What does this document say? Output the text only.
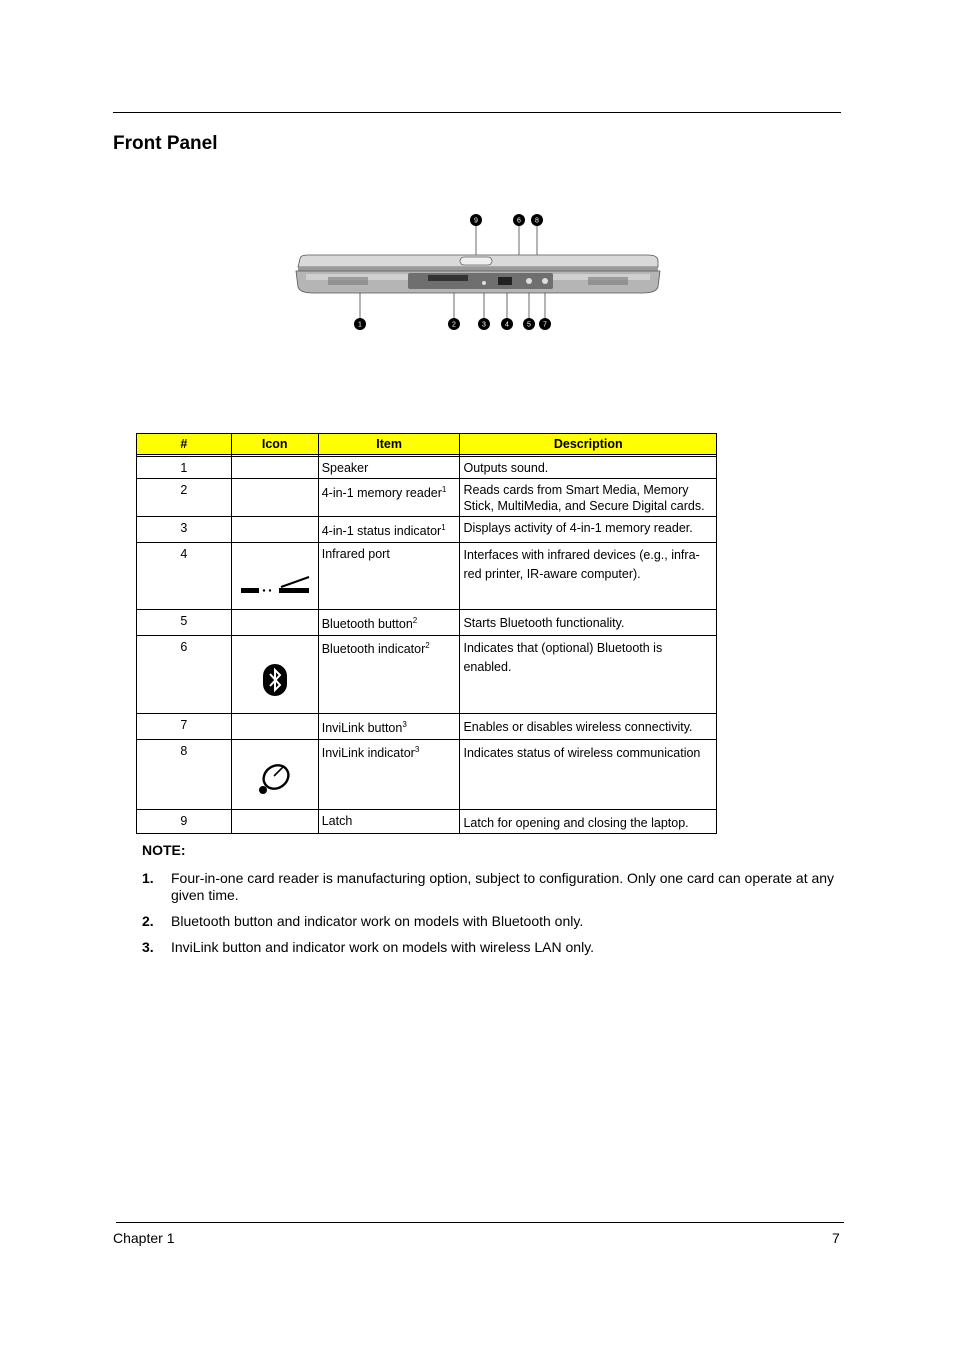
Front Panel
9	6 8
1	2	3	4	5 7
#	Icon	Item	Description

1		Speaker	Outputs sound.
2		4-in-1 memory reader$^1$	Reads cards from Smart Media, Memory Stick, MultiMedia, and Secure Digital cards.
3		4-in-1 status indicator$^1$	Displays activity of 4-in-1 memory reader.
4		Infrared port	Interfaces with infrared devices (e.g., infra-red printer, IR-aware computer).
5		Bluetooth button$^2$	Starts Bluetooth functionality.
6		Bluetooth indicator$^2$	Indicates that (optional) Bluetooth is enabled.
7		InviLink button$^3$	Enables or disables wireless connectivity.
8		InviLink indicator$^3$	Indicates status of wireless communication
9		Latch	Latch for opening and closing the laptop.
NOTE:
1. Four-in-one card reader is manufacturing option, subject to configuration. Only one card can operate at any given time.
2. Bluetooth button and indicator work on models with Bluetooth only.
3. InviLink button and indicator work on models with wireless LAN only.
Chapter 1	7
